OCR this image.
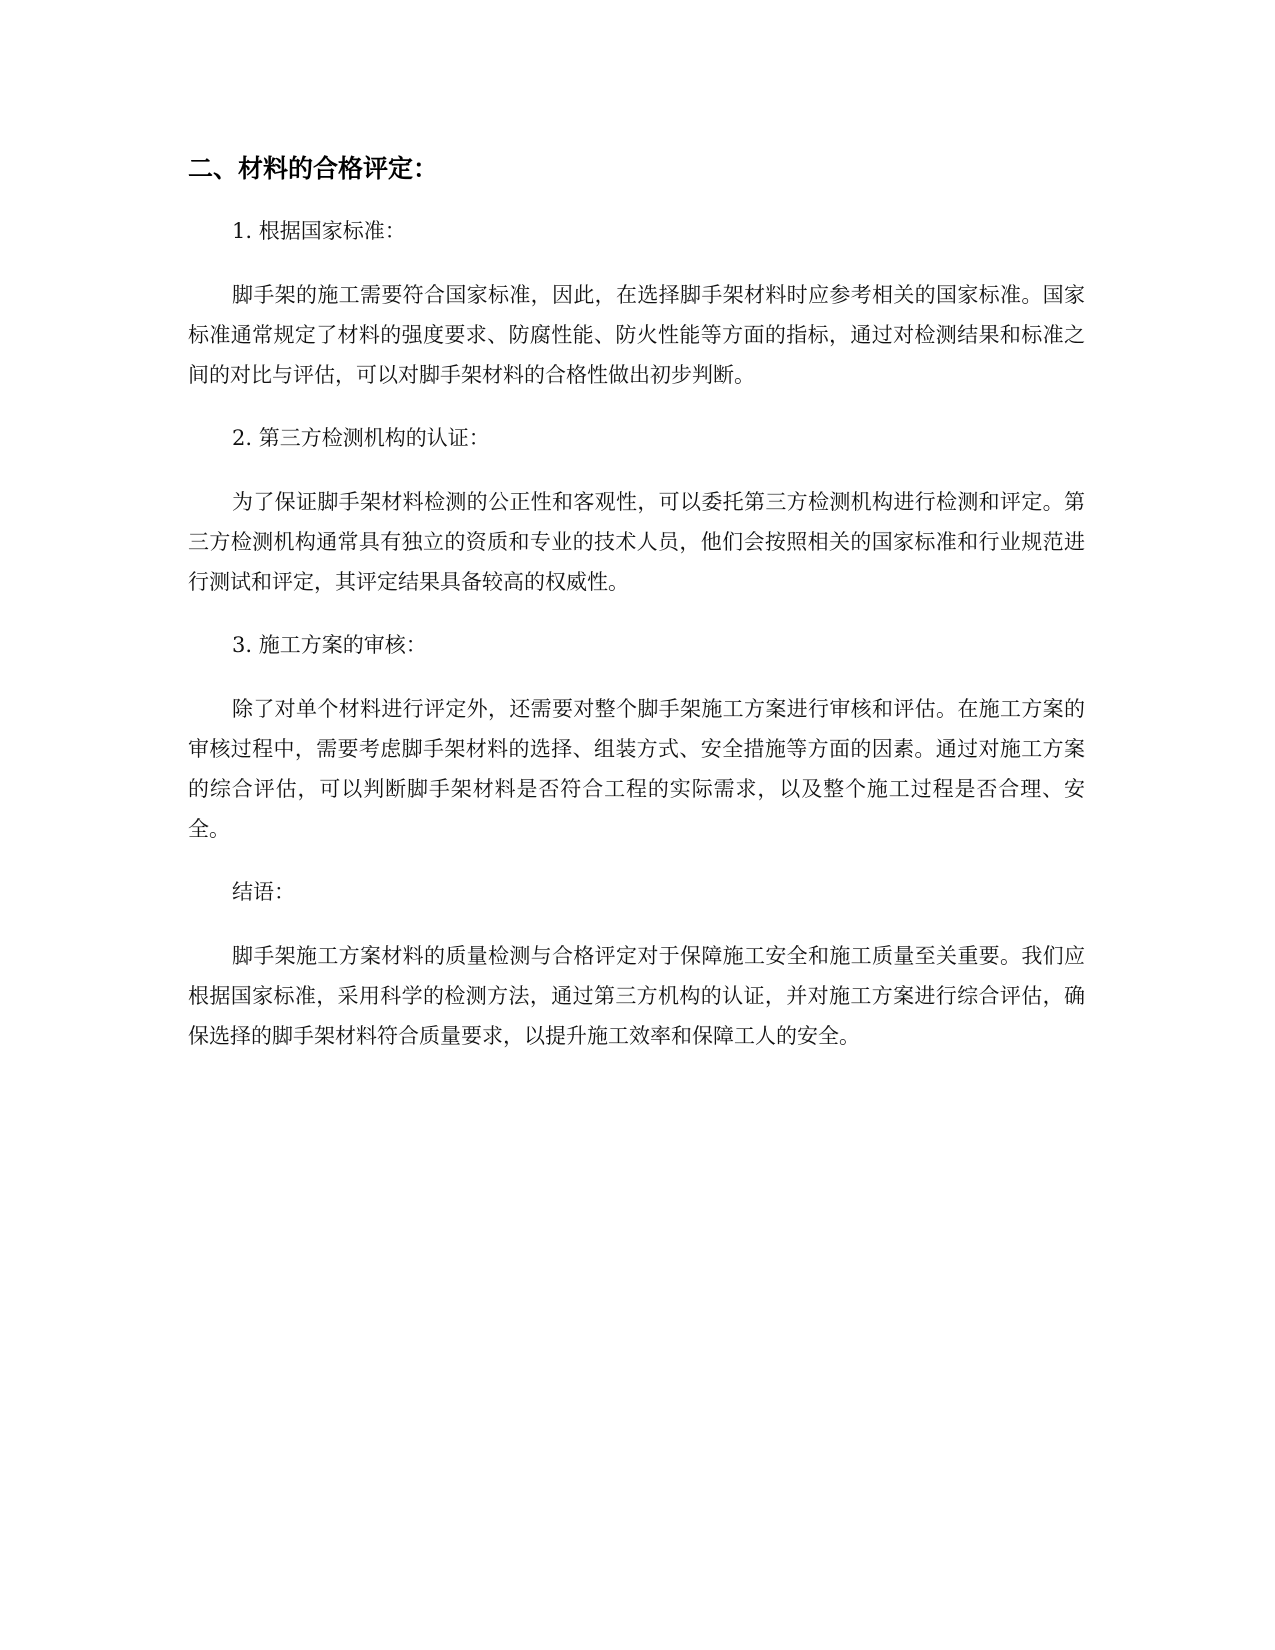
二、材料的合格评定：

1. 根据国家标准：

脚手架的施工需要符合国家标准，因此，在选择脚手架材料时应参考相关的国家标准。国家标准通常规定了材料的强度要求、防腐性能、防火性能等方面的指标，通过对检测结果和标准之间的对比与评估，可以对脚手架材料的合格性做出初步判断。

2. 第三方检测机构的认证：

为了保证脚手架材料检测的公正性和客观性，可以委托第三方检测机构进行检测和评定。第三方检测机构通常具有独立的资质和专业的技术人员，他们会按照相关的国家标准和行业规范进行测试和评定，其评定结果具备较高的权威性。

3. 施工方案的审核：

除了对单个材料进行评定外，还需要对整个脚手架施工方案进行审核和评估。在施工方案的审核过程中，需要考虑脚手架材料的选择、组装方式、安全措施等方面的因素。通过对施工方案的综合评估，可以判断脚手架材料是否符合工程的实际需求，以及整个施工过程是否合理、安全。

结语：

脚手架施工方案材料的质量检测与合格评定对于保障施工安全和施工质量至关重要。我们应根据国家标准，采用科学的检测方法，通过第三方机构的认证，并对施工方案进行综合评估，确保选择的脚手架材料符合质量要求，以提升施工效率和保障工人的安全。
